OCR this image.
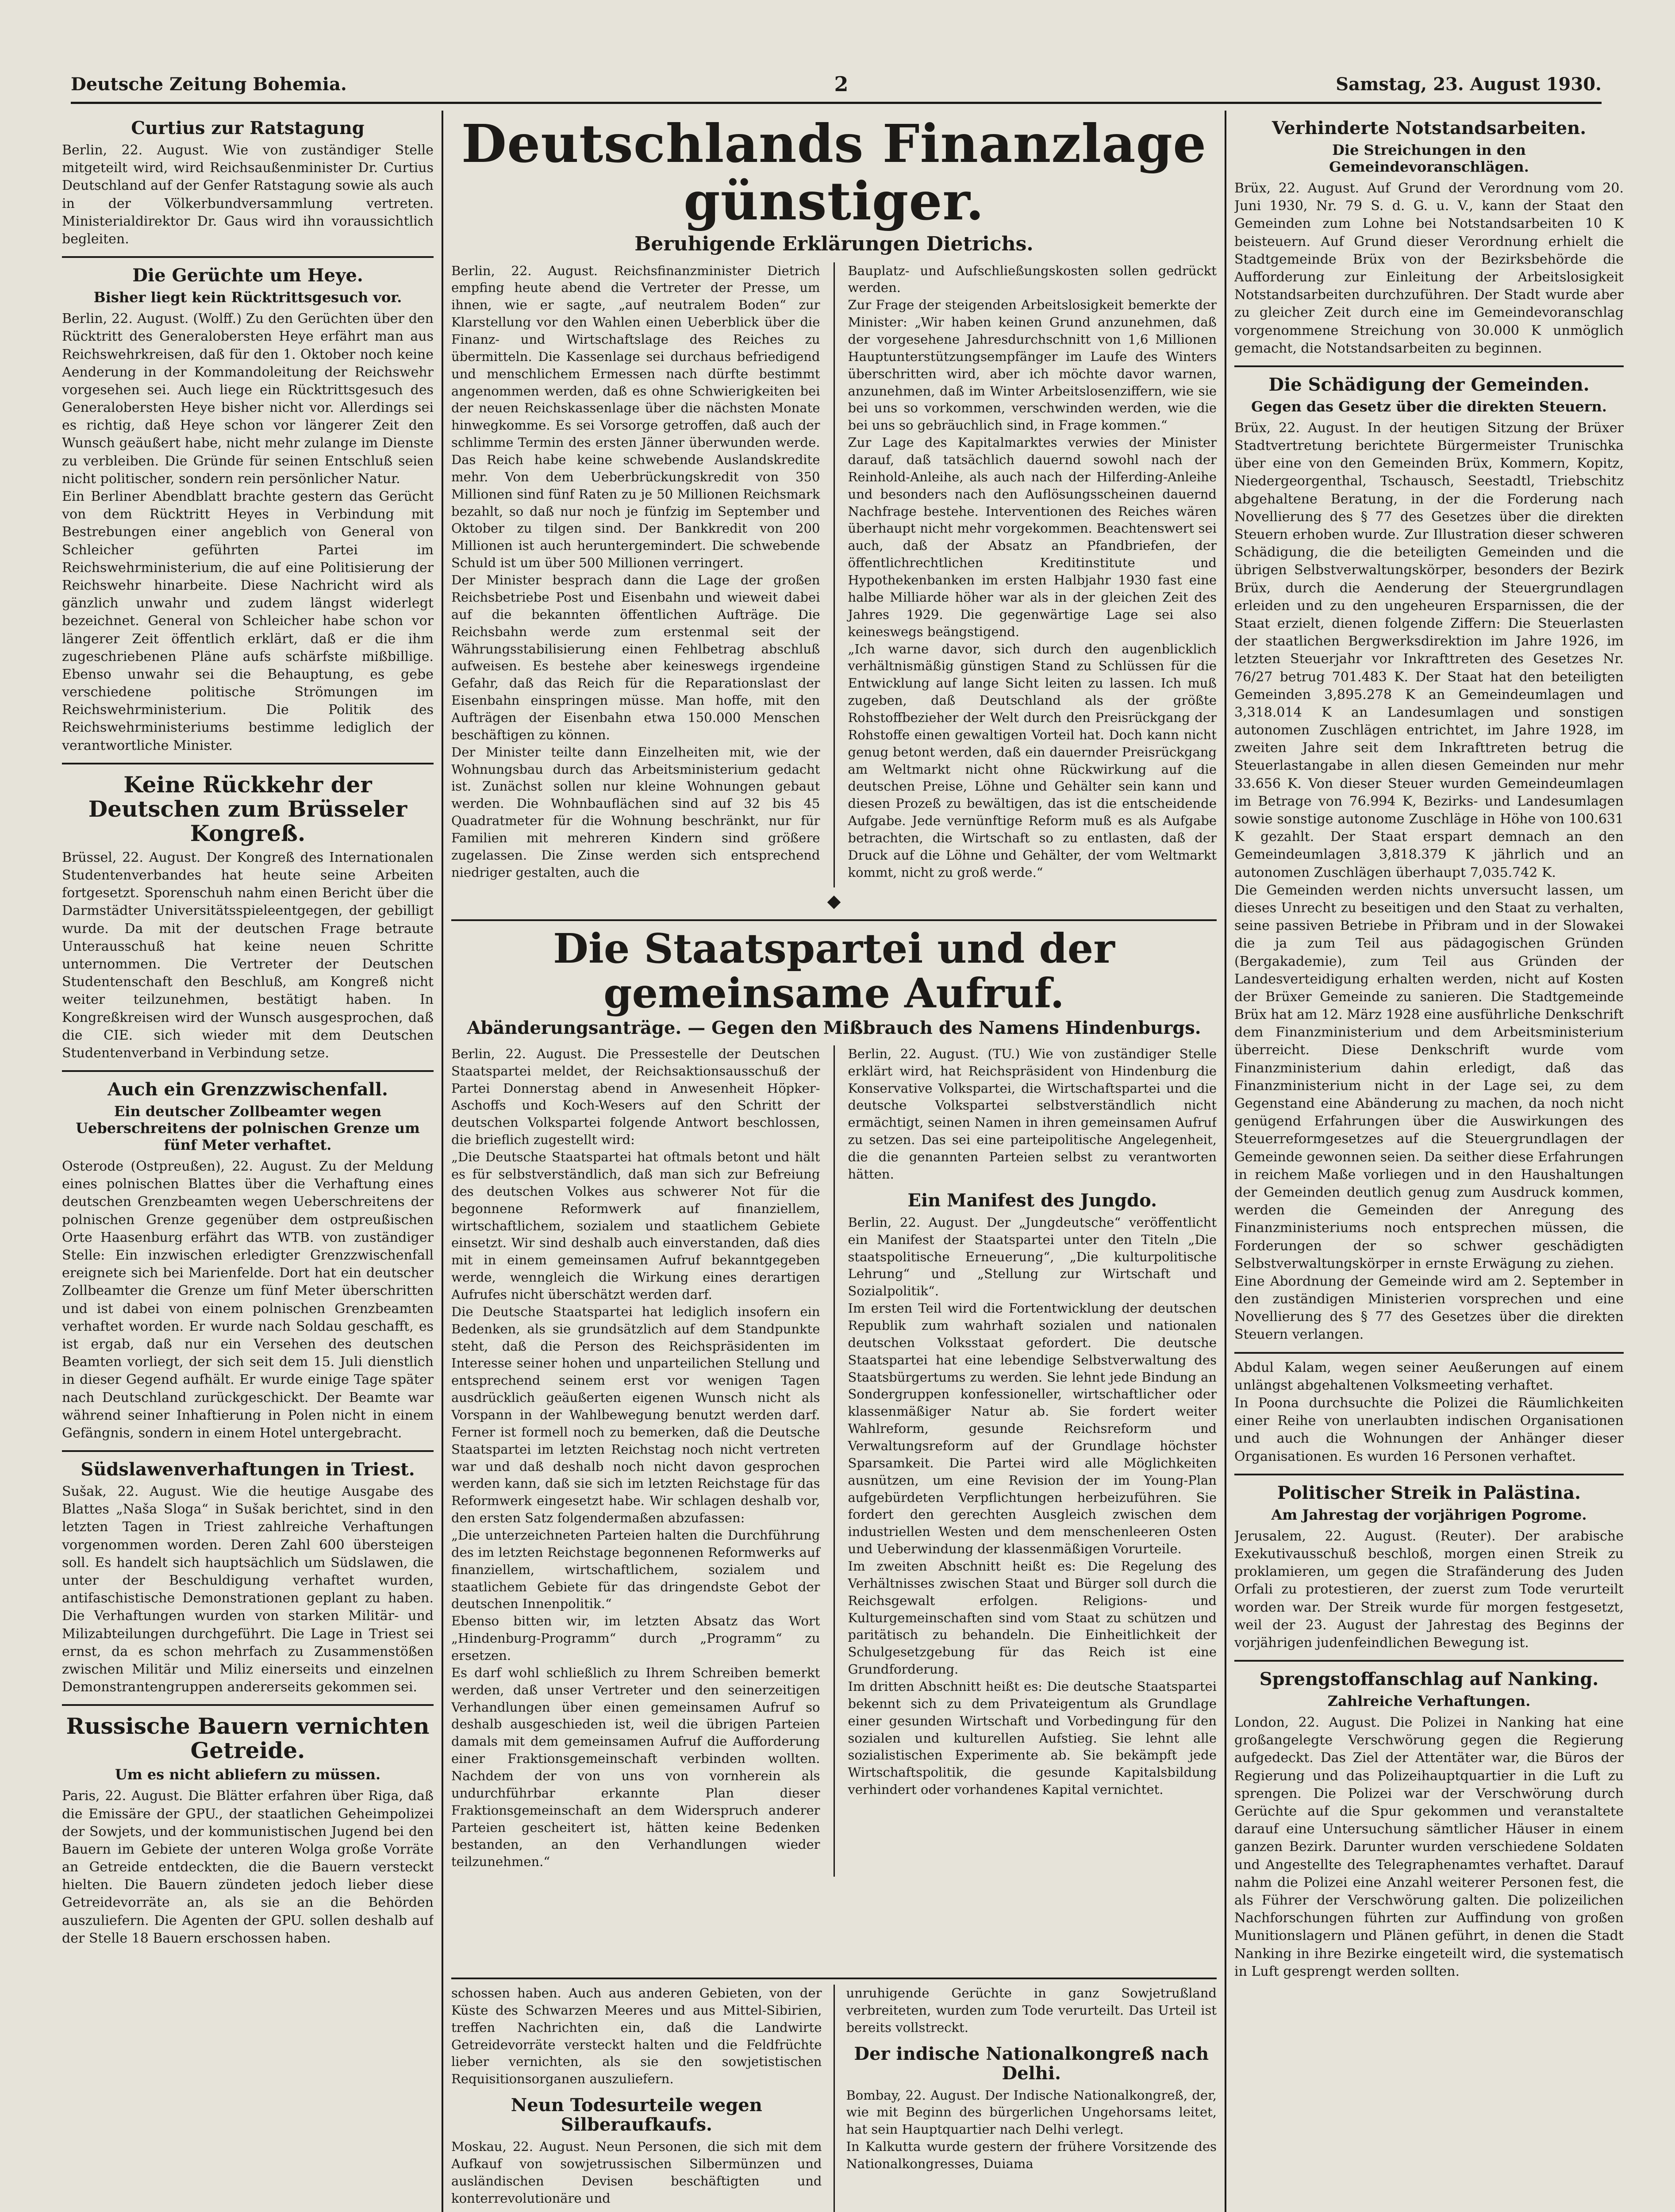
Deutsche Zeitung Bohemia.	2	Samstag, 23. August 1930.
Curtius zur Ratstagung

Berlin, 22. August. Wie von zuständiger Stelle mitgeteilt wird, wird Reichsaußenminister Dr. Curtius Deutschland auf der Genfer Ratstagung sowie als auch in der Völkerbundversammlung vertreten. Ministerialdirektor Dr. Gaus wird ihn voraussichtlich begleiten.

Die Gerüchte um Heye.
Bisher liegt kein Rücktrittsgesuch vor.

Berlin, 22. August. (Wolff.) Zu den Gerüchten über den Rücktritt des Generalobersten Heye erfährt man aus Reichswehrkreisen, daß für den 1. Oktober noch keine Aenderung in der Kommandoleitung der Reichswehr vorgesehen sei. Auch liege ein Rücktrittsgesuch des Generalobersten Heye bisher nicht vor. Allerdings sei es richtig, daß Heye schon vor längerer Zeit den Wunsch geäußert habe, nicht mehr zulange im Dienste zu verbleiben. Die Gründe für seinen Entschluß seien nicht politischer, sondern rein persönlicher Natur.
Ein Berliner Abendblatt brachte gestern das Gerücht von dem Rücktritt Heyes in Verbindung mit Bestrebungen einer angeblich von General von Schleicher geführten Partei im Reichswehrministerium, die auf eine Politisierung der Reichswehr hinarbeite. Diese Nachricht wird als gänzlich unwahr und zudem längst widerlegt bezeichnet. General von Schleicher habe schon vor längerer Zeit öffentlich erklärt, daß er die ihm zugeschriebenen Pläne aufs schärfste mißbillige. Ebenso unwahr sei die Behauptung, es gebe verschiedene politische Strömungen im Reichswehrministerium. Die Politik des Reichswehrministeriums bestimme lediglich der verantwortliche Minister.

Keine Rückkehr der Deutschen zum Brüsseler Kongreß.

Brüssel, 22. August. Der Kongreß des Internationalen Studentenverbandes hat heute seine Arbeiten fortgesetzt. Sporenschuh nahm einen Bericht über die Darmstädter Universitätsspieleentgegen, der gebilligt wurde. Da mit der deutschen Frage betraute Unterausschuß hat keine neuen Schritte unternommen. Die Vertreter der Deutschen Studentenschaft den Beschluß, am Kongreß nicht weiter teilzunehmen, bestätigt haben. In Kongreßkreisen wird der Wunsch ausgesprochen, daß die CIE. sich wieder mit dem Deutschen Studentenverband in Verbindung setze.

Auch ein Grenzzwischenfall.
Ein deutscher Zollbeamter wegen Ueberschreitens der polnischen Grenze um fünf Meter verhaftet.

Osterode (Ostpreußen), 22. August. Zu der Meldung eines polnischen Blattes über die Verhaftung eines deutschen Grenzbeamten wegen Ueberschreitens der polnischen Grenze gegenüber dem ostpreußischen Orte Haasenburg erfährt das WTB. von zuständiger Stelle: Ein inzwischen erledigter Grenzzwischenfall ereignete sich bei Marienfelde. Dort hat ein deutscher Zollbeamter die Grenze um fünf Meter überschritten und ist dabei von einem polnischen Grenzbeamten verhaftet worden. Er wurde nach Soldau geschafft, es ist ergab, daß nur ein Versehen des deutschen Beamten vorliegt, der sich seit dem 15. Juli dienstlich in dieser Gegend aufhält. Er wurde einige Tage später nach Deutschland zurückgeschickt. Der Beamte war während seiner Inhaftierung in Polen nicht in einem Gefängnis, sondern in einem Hotel untergebracht.

Südslawenverhaftungen in Triest.

Sušak, 22. August. Wie die heutige Ausgabe des Blattes „Naša Sloga“ in Sušak berichtet, sind in den letzten Tagen in Triest zahlreiche Verhaftungen vorgenommen worden. Deren Zahl 600 übersteigen soll. Es handelt sich hauptsächlich um Südslawen, die unter der Beschuldigung verhaftet wurden, antifaschistische Demonstrationen geplant zu haben. Die Verhaftungen wurden von starken Militär- und Milizabteilungen durchgeführt. Die Lage in Triest sei ernst, da es schon mehrfach zu Zusammenstößen zwischen Militär und Miliz einerseits und einzelnen Demonstrantengruppen andererseits gekommen sei.

Russische Bauern vernichten Getreide.
Um es nicht abliefern zu müssen.

Paris, 22. August. Die Blätter erfahren über Riga, daß die Emissäre der GPU., der staatlichen Geheimpolizei der Sowjets, und der kommunistischen Jugend bei den Bauern im Gebiete der unteren Wolga große Vorräte an Getreide entdeckten, die die Bauern versteckt hielten. Die Bauern zündeten jedoch lieber diese Getreidevorräte an, als sie an die Behörden auszuliefern. Die Agenten der GPU. sollen deshalb auf der Stelle 18 Bauern erschossen haben.

Deutschlands Finanzlage günstiger.
Beruhigende Erklärungen Dietrichs.

Berlin, 22. August. Reichsfinanzminister Dietrich empfing heute abend die Vertreter der Presse, um ihnen, wie er sagte, „auf neutralem Boden“ zur Klarstellung vor den Wahlen einen Ueberblick über die Finanz- und Wirtschaftslage des Reiches zu übermitteln. Die Kassenlage sei durchaus befriedigend und menschlichem Ermessen nach dürfte bestimmt angenommen werden, daß es ohne Schwierigkeiten bei der neuen Reichskassenlage über die nächsten Monate hinwegkomme. Es sei Vorsorge getroffen, daß auch der schlimme Termin des ersten Jänner überwunden werde. Das Reich habe keine schwebende Auslandskredite mehr. Von dem Ueberbrückungskredit von 350 Millionen sind fünf Raten zu je 50 Millionen Reichsmark bezahlt, so daß nur noch je fünfzig im September und Oktober zu tilgen sind. Der Bankkredit von 200 Millionen ist auch heruntergemindert. Die schwebende Schuld ist um über 500 Millionen verringert.
Der Minister besprach dann die Lage der großen Reichsbetriebe Post und Eisenbahn und wieweit dabei auf die bekannten öffentlichen Aufträge. Die Reichsbahn werde zum erstenmal seit der Währungsstabilisierung einen Fehlbetrag abschluß aufweisen. Es bestehe aber keineswegs irgendeine Gefahr, daß das Reich für die Reparationslast der Eisenbahn einspringen müsse. Man hoffe, mit den Aufträgen der Eisenbahn etwa 150.000 Menschen beschäftigen zu können.
Der Minister teilte dann Einzelheiten mit, wie der Wohnungsbau durch das Arbeitsministerium gedacht ist. Zunächst sollen nur kleine Wohnungen gebaut werden. Die Wohnbauflächen sind auf 32 bis 45 Quadratmeter für die Wohnung beschränkt, nur für Familien mit mehreren Kindern sind größere zugelassen. Die Zinse werden sich entsprechend niedriger gestalten, auch die

Bauplatz- und Aufschließungskosten sollen gedrückt werden.
Zur Frage der steigenden Arbeitslosigkeit bemerkte der Minister: „Wir haben keinen Grund anzunehmen, daß der vorgesehene Jahresdurchschnitt von 1,6 Millionen Hauptunterstützungsempfänger im Laufe des Winters überschritten wird, aber ich möchte davor warnen, anzunehmen, daß im Winter Arbeitslosenziffern, wie sie bei uns so vorkommen, verschwinden werden, wie die bei uns so gebräuchlich sind, in Frage kommen.“
Zur Lage des Kapitalmarktes verwies der Minister darauf, daß tatsächlich dauernd sowohl nach der Reinhold-Anleihe, als auch nach der Hilferding-Anleihe und besonders nach den Auflösungsscheinen dauernd Nachfrage bestehe. Interventionen des Reiches wären überhaupt nicht mehr vorgekommen. Beachtenswert sei auch, daß der Absatz an Pfandbriefen, der öffentlichrechtlichen Kreditinstitute und Hypothekenbanken im ersten Halbjahr 1930 fast eine halbe Milliarde höher war als in der gleichen Zeit des Jahres 1929. Die gegenwärtige Lage sei also keineswegs beängstigend.
„Ich warne davor, sich durch den augenblicklich verhältnismäßig günstigen Stand zu Schlüssen für die Entwicklung auf lange Sicht leiten zu lassen. Ich muß zugeben, daß Deutschland als der größte Rohstoffbezieher der Welt durch den Preisrückgang der Rohstoffe einen gewaltigen Vorteil hat. Doch kann nicht genug betont werden, daß ein dauernder Preisrückgang am Weltmarkt nicht ohne Rückwirkung auf die deutschen Preise, Löhne und Gehälter sein kann und diesen Prozeß zu bewältigen, das ist die entscheidende Aufgabe. Jede vernünftige Reform muß es als Aufgabe betrachten, die Wirtschaft so zu entlasten, daß der Druck auf die Löhne und Gehälter, der vom Weltmarkt kommt, nicht zu groß werde.“

◆
Die Staatspartei und der gemeinsame Aufruf.
Abänderungsanträge. — Gegen den Mißbrauch des Namens Hindenburgs.

Berlin, 22. August. Die Pressestelle der Deutschen Staatspartei meldet, der Reichsaktionsausschuß der Partei Donnerstag abend in Anwesenheit Höpker-Aschoffs und Koch-Wesers auf den Schritt der deutschen Volkspartei folgende Antwort beschlossen, die brieflich zugestellt wird:
„Die Deutsche Staatspartei hat oftmals betont und hält es für selbstverständlich, daß man sich zur Befreiung des deutschen Volkes aus schwerer Not für die begonnene Reformwerk auf finanziellem, wirtschaftlichem, sozialem und staatlichem Gebiete einsetzt. Wir sind deshalb auch einverstanden, daß dies mit in einem gemeinsamen Aufruf bekanntgegeben werde, wenngleich die Wirkung eines derartigen Aufrufes nicht überschätzt werden darf.
Die Deutsche Staatspartei hat lediglich insofern ein Bedenken, als sie grundsätzlich auf dem Standpunkte steht, daß die Person des Reichspräsidenten im Interesse seiner hohen und unparteilichen Stellung und entsprechend seinem erst vor wenigen Tagen ausdrücklich geäußerten eigenen Wunsch nicht als Vorspann in der Wahlbewegung benutzt werden darf. Ferner ist formell noch zu bemerken, daß die Deutsche Staatspartei im letzten Reichstag noch nicht vertreten war und daß deshalb noch nicht davon gesprochen werden kann, daß sie sich im letzten Reichstage für das Reformwerk eingesetzt habe. Wir schlagen deshalb vor, den ersten Satz folgendermaßen abzufassen:
„Die unterzeichneten Parteien halten die Durchführung des im letzten Reichstage begonnenen Reformwerks auf finanziellem, wirtschaftlichem, sozialem und staatlichem Gebiete für das dringendste Gebot der deutschen Innenpolitik.“
Ebenso bitten wir, im letzten Absatz das Wort „Hindenburg-Programm“ durch „Programm“ zu ersetzen.
Es darf wohl schließlich zu Ihrem Schreiben bemerkt werden, daß unser Vertreter und den seinerzeitigen Verhandlungen über einen gemeinsamen Aufruf so deshalb ausgeschieden ist, weil die übrigen Parteien damals mit dem gemeinsamen Aufruf die Aufforderung einer Fraktionsgemeinschaft verbinden wollten. Nachdem der von uns von vornherein als undurchführbar erkannte Plan dieser Fraktionsgemeinschaft an dem Widerspruch anderer Parteien gescheitert ist, hätten keine Bedenken bestanden, an den Verhandlungen wieder teilzunehmen.“

Berlin, 22. August. (TU.) Wie von zuständiger Stelle erklärt wird, hat Reichspräsident von Hindenburg die Konservative Volkspartei, die Wirtschaftspartei und die deutsche Volkspartei selbstverständlich nicht ermächtigt, seinen Namen in ihren gemeinsamen Aufruf zu setzen. Das sei eine parteipolitische Angelegenheit, die die genannten Parteien selbst zu verantworten hätten.

Ein Manifest des Jungdo.

Berlin, 22. August. Der „Jungdeutsche“ veröffentlicht ein Manifest der Staatspartei unter den Titeln „Die staatspolitische Erneuerung“, „Die kulturpolitische Lehrung“ und „Stellung zur Wirtschaft und Sozialpolitik“.
Im ersten Teil wird die Fortentwicklung der deutschen Republik zum wahrhaft sozialen und nationalen deutschen Volksstaat gefordert. Die deutsche Staatspartei hat eine lebendige Selbstverwaltung des Staatsbürgertums zu werden. Sie lehnt jede Bindung an Sondergruppen konfessioneller, wirtschaftlicher oder klassenmäßiger Natur ab. Sie fordert weiter Wahlreform, gesunde Reichsreform und Verwaltungsreform auf der Grundlage höchster Sparsamkeit. Die Partei wird alle Möglichkeiten ausnützen, um eine Revision der im Young-Plan aufgebürdeten Verpflichtungen herbeizuführen. Sie fordert den gerechten Ausgleich zwischen dem industriellen Westen und dem menschenleeren Osten und Ueberwindung der klassenmäßigen Vorurteile.
Im zweiten Abschnitt heißt es: Die Regelung des Verhältnisses zwischen Staat und Bürger soll durch die Reichsgewalt erfolgen. Religions- und Kulturgemeinschaften sind vom Staat zu schützen und paritätisch zu behandeln. Die Einheitlichkeit der Schulgesetzgebung für das Reich ist eine Grundforderung.
Im dritten Abschnitt heißt es: Die deutsche Staatspartei bekennt sich zu dem Privateigentum als Grundlage einer gesunden Wirtschaft und Vorbedingung für den sozialen und kulturellen Aufstieg. Sie lehnt alle sozialistischen Experimente ab. Sie bekämpft jede Wirtschaftspolitik, die gesunde Kapitalsbildung verhindert oder vorhandenes Kapital vernichtet.

schossen haben. Auch aus anderen Gebieten, von der Küste des Schwarzen Meeres und aus Mittel-Sibirien, treffen Nachrichten ein, daß die Landwirte Getreidevorräte versteckt halten und die Feldfrüchte lieber vernichten, als sie den sowjetistischen Requisitionsorganen auszuliefern.

Neun Todesurteile wegen Silberaufkaufs.

Moskau, 22. August. Neun Personen, die sich mit dem Aufkauf von sowjetrussischen Silbermünzen und ausländischen Devisen beschäftigten und konterrevolutionäre und

unruhigende Gerüchte in ganz Sowjetrußland verbreiteten, wurden zum Tode verurteilt. Das Urteil ist bereits vollstreckt.

Der indische Nationalkongreß nach Delhi.

Bombay, 22. August. Der Indische Nationalkongreß, der, wie mit Beginn des bürgerlichen Ungehorsams leitet, hat sein Hauptquartier nach Delhi verlegt.
In Kalkutta wurde gestern der frühere Vorsitzende des Nationalkongresses, Duiama

Verhinderte Notstandsarbeiten.
Die Streichungen in den Gemeindevoranschlägen.

Brüx, 22. August. Auf Grund der Verordnung vom 20. Juni 1930, Nr. 79 S. d. G. u. V., kann der Staat den Gemeinden zum Lohne bei Notstandsarbeiten 10 K beisteuern. Auf Grund dieser Verordnung erhielt die Stadtgemeinde Brüx von der Bezirksbehörde die Aufforderung zur Einleitung der Arbeitslosigkeit Notstandsarbeiten durchzuführen. Der Stadt wurde aber zu gleicher Zeit durch eine im Gemeindevoranschlag vorgenommene Streichung von 30.000 K unmöglich gemacht, die Notstandsarbeiten zu beginnen.

Die Schädigung der Gemeinden.
Gegen das Gesetz über die direkten Steuern.

Brüx, 22. August. In der heutigen Sitzung der Brüxer Stadtvertretung berichtete Bürgermeister Trunischka über eine von den Gemeinden Brüx, Kommern, Kopitz, Niedergeorgenthal, Tschausch, Seestadtl, Triebschitz abgehaltene Beratung, in der die Forderung nach Novellierung des § 77 des Gesetzes über die direkten Steuern erhoben wurde. Zur Illustration dieser schweren Schädigung, die die beteiligten Gemeinden und die übrigen Selbstverwaltungskörper, besonders der Bezirk Brüx, durch die Aenderung der Steuergrundlagen erleiden und zu den ungeheuren Ersparnissen, die der Staat erzielt, dienen folgende Ziffern: Die Steuerlasten der staatlichen Bergwerksdirektion im Jahre 1926, im letzten Steuerjahr vor Inkrafttreten des Gesetzes Nr. 76/27 betrug 701.483 K. Der Staat hat den beteiligten Gemeinden 3,895.278 K an Gemeindeumlagen und 3,318.014 K an Landesumlagen und sonstigen autonomen Zuschlägen entrichtet, im Jahre 1928, im zweiten Jahre seit dem Inkrafttreten betrug die Steuerlastangabe in allen diesen Gemeinden nur mehr 33.656 K. Von dieser Steuer wurden Gemeindeumlagen im Betrage von 76.994 K, Bezirks- und Landesumlagen sowie sonstige autonome Zuschläge in Höhe von 100.631 K gezahlt. Der Staat erspart demnach an den Gemeindeumlagen 3,818.379 K jährlich und an autonomen Zuschlägen überhaupt 7,035.742 K.
Die Gemeinden werden nichts unversucht lassen, um dieses Unrecht zu beseitigen und den Staat zu verhalten, seine passiven Betriebe in Přibram und in der Slowakei die ja zum Teil aus pädagogischen Gründen (Bergakademie), zum Teil aus Gründen der Landesverteidigung erhalten werden, nicht auf Kosten der Brüxer Gemeinde zu sanieren. Die Stadtgemeinde Brüx hat am 12. März 1928 eine ausführliche Denkschrift dem Finanzministerium und dem Arbeitsministerium überreicht. Diese Denkschrift wurde vom Finanzministerium dahin erledigt, daß das Finanzministerium nicht in der Lage sei, zu dem Gegenstand eine Abänderung zu machen, da noch nicht genügend Erfahrungen über die Auswirkungen des Steuerreformgesetzes auf die Steuergrundlagen der Gemeinde gewonnen seien. Da seither diese Erfahrungen in reichem Maße vorliegen und in den Haushaltungen der Gemeinden deutlich genug zum Ausdruck kommen, werden die Gemeinden der Anregung des Finanzministeriums noch entsprechen müssen, die Forderungen der so schwer geschädigten Selbstverwaltungskörper in ernste Erwägung zu ziehen.
Eine Abordnung der Gemeinde wird am 2. September in den zuständigen Ministerien vorsprechen und eine Novellierung des § 77 des Gesetzes über die direkten Steuern verlangen.

Abdul Kalam, wegen seiner Aeußerungen auf einem unlängst abgehaltenen Volksmeeting verhaftet.
In Poona durchsuchte die Polizei die Räumlichkeiten einer Reihe von unerlaubten indischen Organisationen und auch die Wohnungen der Anhänger dieser Organisationen. Es wurden 16 Personen verhaftet.

Politischer Streik in Palästina.
Am Jahrestag der vorjährigen Pogrome.

Jerusalem, 22. August. (Reuter). Der arabische Exekutivausschuß beschloß, morgen einen Streik zu proklamieren, um gegen die Strafänderung des Juden Orfali zu protestieren, der zuerst zum Tode verurteilt worden war. Der Streik wurde für morgen festgesetzt, weil der 23. August der Jahrestag des Beginns der vorjährigen judenfeindlichen Bewegung ist.

Sprengstoffanschlag auf Nanking.
Zahlreiche Verhaftungen.

London, 22. August. Die Polizei in Nanking hat eine großangelegte Verschwörung gegen die Regierung aufgedeckt. Das Ziel der Attentäter war, die Büros der Regierung und das Polizeihauptquartier in die Luft zu sprengen. Die Polizei war der Verschwörung durch Gerüchte auf die Spur gekommen und veranstaltete darauf eine Untersuchung sämtlicher Häuser in einem ganzen Bezirk. Darunter wurden verschiedene Soldaten und Angestellte des Telegraphenamtes verhaftet. Darauf nahm die Polizei eine Anzahl weiterer Personen fest, die als Führer der Verschwörung galten. Die polizeilichen Nachforschungen führten zur Auffindung von großen Munitionslagern und Plänen geführt, in denen die Stadt Nanking in ihre Bezirke eingeteilt wird, die systematisch in Luft gesprengt werden sollten.
